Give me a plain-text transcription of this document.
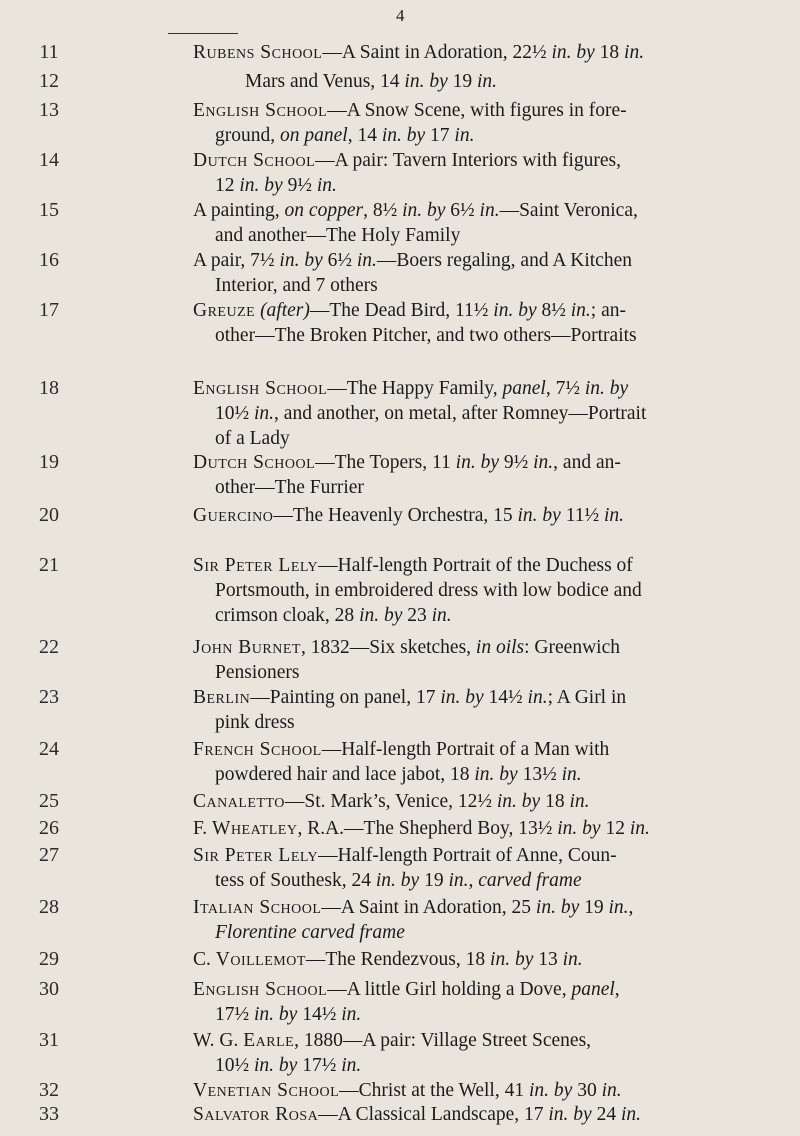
4
11	Rubens School—A Saint in Adoration, 22½ in. by 18 in.
12	Mars and Venus, 14 in. by 19 in.
13	English School—A Snow Scene, with figures in fore-
ground, on panel, 14 in. by 17 in.
14	Dutch School—A pair: Tavern Interiors with figures,
12 in. by 9½ in.
15	A painting, on copper, 8½ in. by 6½ in.—Saint Veronica,
and another—The Holy Family
16	A pair, 7½ in. by 6½ in.—Boers regaling, and A Kitchen
Interior, and 7 others
17	Greuze (after)—The Dead Bird, 11½ in. by 8½ in.; an-
other—The Broken Pitcher, and two others—Portraits
18	English School—The Happy Family, panel, 7½ in. by
10½ in., and another, on metal, after Romney—Portrait
of a Lady
19	Dutch School—The Topers, 11 in. by 9½ in., and an-
other—The Furrier
20	Guercino—The Heavenly Orchestra, 15 in. by 11½ in.
21	Sir Peter Lely—Half-length Portrait of the Duchess of
Portsmouth, in embroidered dress with low bodice and
crimson cloak, 28 in. by 23 in.
22	John Burnet, 1832—Six sketches, in oils: Greenwich
Pensioners
23	Berlin—Painting on panel, 17 in. by 14½ in.; A Girl in
pink dress
24	French School—Half-length Portrait of a Man with
powdered hair and lace jabot, 18 in. by 13½ in.
25	Canaletto—St. Mark’s, Venice, 12½ in. by 18 in.
26	F. Wheatley, R.A.—The Shepherd Boy, 13½ in. by 12 in.
27	Sir Peter Lely—Half-length Portrait of Anne, Coun-
tess of Southesk, 24 in. by 19 in., carved frame
28	Italian School—A Saint in Adoration, 25 in. by 19 in.,
Florentine carved frame
29	C. Voillemot—The Rendezvous, 18 in. by 13 in.
30	English School—A little Girl holding a Dove, panel,
17½ in. by 14½ in.
31	W. G. Earle, 1880—A pair: Village Street Scenes,
10½ in. by 17½ in.
32	Venetian School—Christ at the Well, 41 in. by 30 in.
33	Salvator Rosa—A Classical Landscape, 17 in. by 24 in.
